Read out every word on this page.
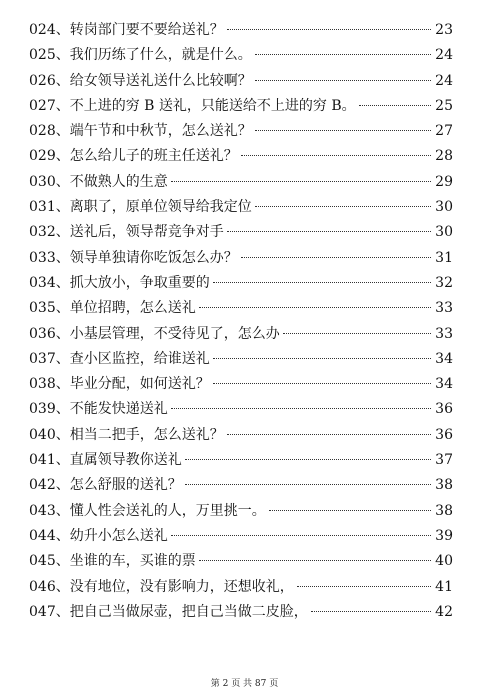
024、 转岗部门要不要给送礼？	23
025、 我们历练了什么，就是什么。	24
026、 给女领导送礼送什么比较啊？	24
027、 不上进的穷 B 送礼，只能送给不上进的穷 B。	25
028、 端午节和中秋节，怎么送礼？	27
029、 怎么给儿子的班主任送礼？	28
030、 不做熟人的生意	29
031、 离职了，原单位领导给我定位	30
032、 送礼后，领导帮竞争对手	30
033、 领导单独请你吃饭怎么办？	31
034、 抓大放小，争取重要的	32
035、 单位招聘，怎么送礼	33
036、 小基层管理，不受待见了，怎么办	33
037、 查小区监控，给谁送礼	34
038、 毕业分配，如何送礼？	34
039、 不能发快递送礼	36
040、 相当二把手，怎么送礼？	36
041、 直属领导教你送礼	37
042、 怎么舒服的送礼？	38
043、 懂人性会送礼的人，万里挑一。	38
044、 幼升小怎么送礼	39
045、 坐谁的车，买谁的票	40
046、 没有地位，没有影响力，还想收礼，	41
047、 把自己当做尿壶，把自己当做二皮脸，	42
第 2 页 共 87 页
